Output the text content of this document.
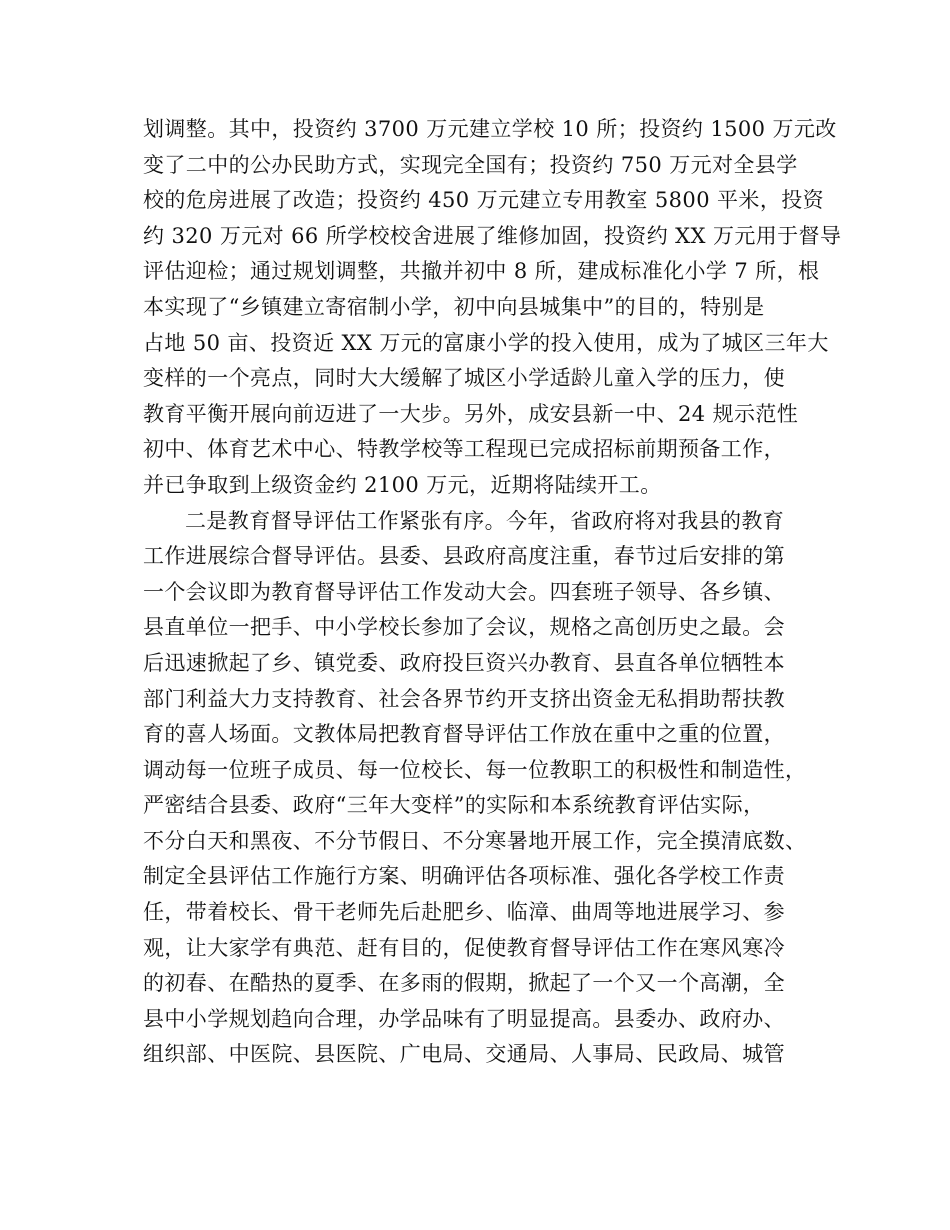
划调整。其中，投资约 3700 万元建立学校 10 所；投资约 1500 万元改
变了二中的公办民助方式，实现完全国有；投资约 750 万元对全县学
校的危房进展了改造；投资约 450 万元建立专用教室 5800 平米，投资
约 320 万元对 66 所学校校舍进展了维修加固，投资约 XX 万元用于督导
评估迎检；通过规划调整，共撤并初中 8 所，建成标准化小学 7 所，根
本实现了“乡镇建立寄宿制小学，初中向县城集中”的目的，特别是
占地 50 亩、投资近 XX 万元的富康小学的投入使用，成为了城区三年大
变样的一个亮点，同时大大缓解了城区小学适龄儿童入学的压力，使
教育平衡开展向前迈进了一大步。另外，成安县新一中、24 规示范性
初中、体育艺术中心、特教学校等工程现已完成招标前期预备工作，
并已争取到上级资金约 2100 万元，近期将陆续开工。
二是教育督导评估工作紧张有序。今年，省政府将对我县的教育
工作进展综合督导评估。县委、县政府高度注重，春节过后安排的第
一个会议即为教育督导评估工作发动大会。四套班子领导、各乡镇、
县直单位一把手、中小学校长参加了会议，规格之高创历史之最。会
后迅速掀起了乡、镇党委、政府投巨资兴办教育、县直各单位牺牲本
部门利益大力支持教育、社会各界节约开支挤出资金无私捐助帮扶教
育的喜人场面。文教体局把教育督导评估工作放在重中之重的位置，
调动每一位班子成员、每一位校长、每一位教职工的积极性和制造性，
严密结合县委、政府“三年大变样”的实际和本系统教育评估实际，
不分白天和黑夜、不分节假日、不分寒暑地开展工作，完全摸清底数、
制定全县评估工作施行方案、明确评估各项标准、强化各学校工作责
任，带着校长、骨干老师先后赴肥乡、临漳、曲周等地进展学习、参
观，让大家学有典范、赶有目的，促使教育督导评估工作在寒风寒冷
的初春、在酷热的夏季、在多雨的假期，掀起了一个又一个高潮，全
县中小学规划趋向合理，办学品味有了明显提高。县委办、政府办、
组织部、中医院、县医院、广电局、交通局、人事局、民政局、城管
